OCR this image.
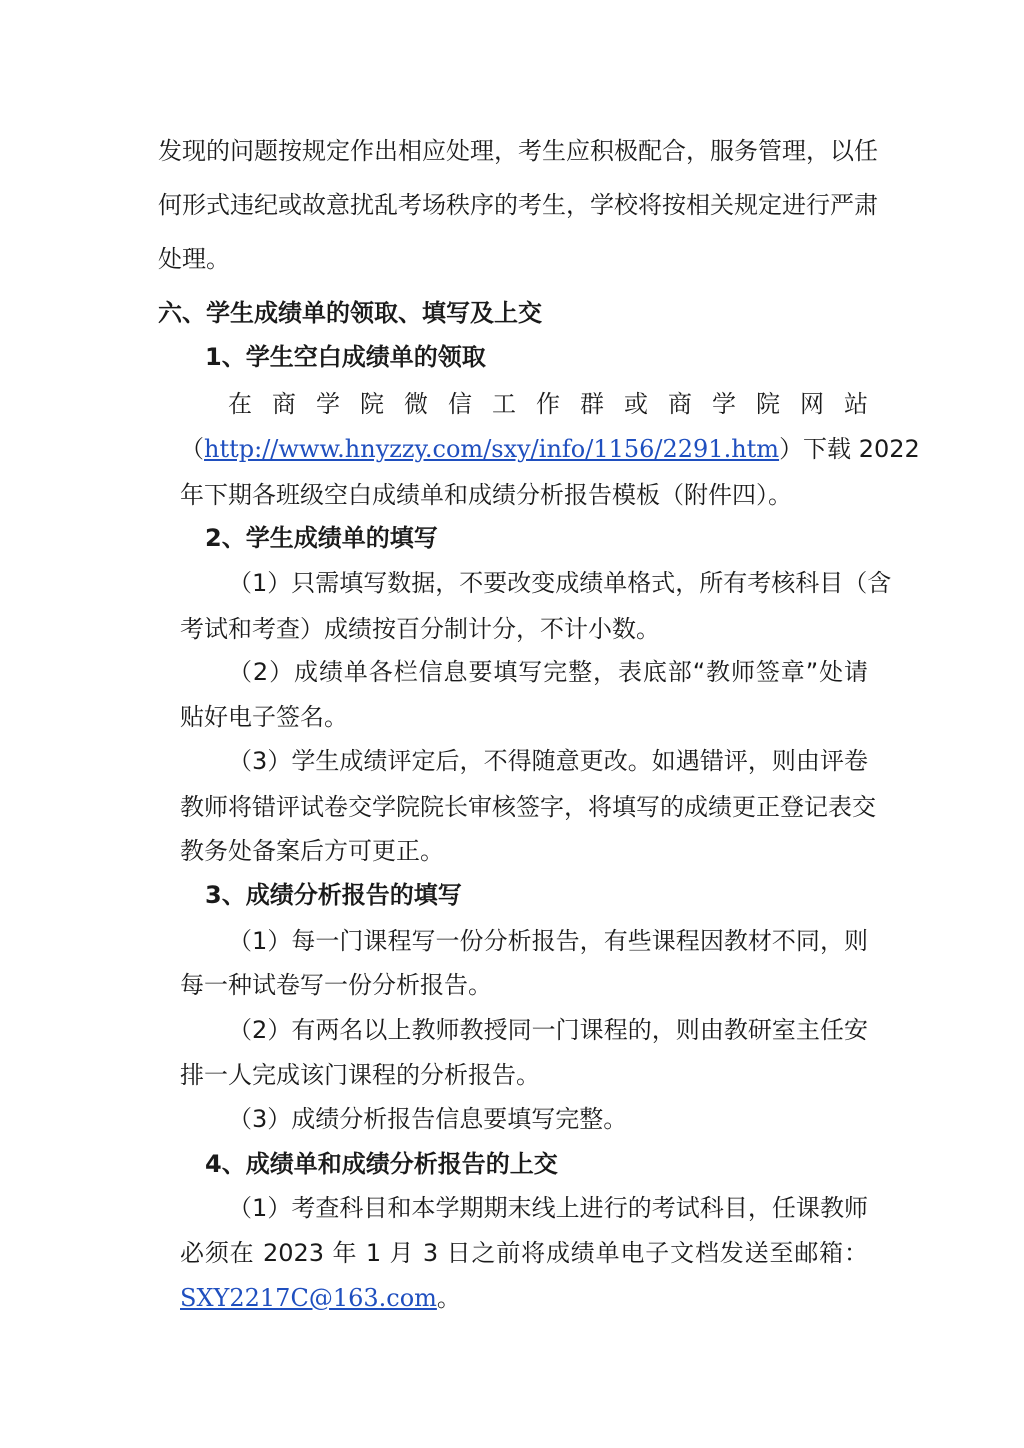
发现的问题按规定作出相应处理，考生应积极配合，服务管理，以任

何形式违纪或故意扰乱考场秩序的考生，学校将按相关规定进行严肃

处理。

六、学生成绩单的领取、填写及上交

1、学生空白成绩单的领取

在 商 学 院 微 信 工 作 群 或 商 学 院 网 站

（ http://www.hnyzzy.com/sxy/info/1156/2291.htm ）下载 2022

年下期各班级空白成绩单和成绩分析报告模板（附件四）。

2、学生成绩单的填写

（1）只需填写数据，不要改变成绩单格式，所有考核科目（含

考试和考查）成绩按百分制计分，不计小数。

（2）成绩单各栏信息要填写完整，表底部“教师签章”处请

贴好电子签名。

（3）学生成绩评定后，不得随意更改。如遇错评，则由评卷

教师将错评试卷交学院院长审核签字，将填写的成绩更正登记表交

教务处备案后方可更正。

3、成绩分析报告的填写

（1）每一门课程写一份分析报告，有些课程因教材不同，则

每一种试卷写一份分析报告。

（2）有两名以上教师教授同一门课程的，则由教研室主任安

排一人完成该门课程的分析报告。

（3）成绩分析报告信息要填写完整。

4、成绩单和成绩分析报告的上交

（1）考查科目和本学期期末线上进行的考试科目，任课教师

必须在 2023 年 1 月 3 日之前将成绩单电子文档发送至邮箱：

SXY2217C@163.com。
